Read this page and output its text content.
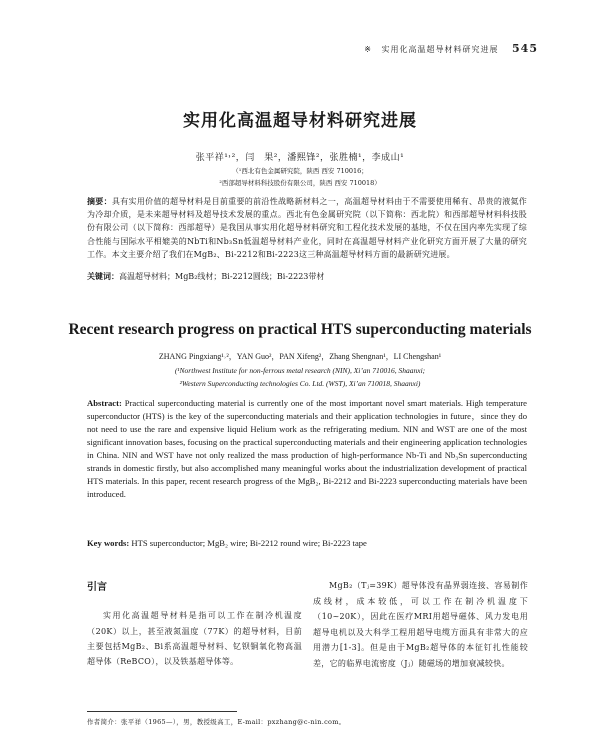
※ 实用化高温超导材料研究进展 545
实用化高温超导材料研究进展
张平祥¹˒²，闫　果²，潘熙锋²，张胜楠¹，李成山¹
（¹西北有色金属研究院，陕西 西安 710016；
²西部超导材料科技股份有限公司，陕西 西安 710018）
摘要：具有实用价值的超导材料是目前重要的前沿性战略新材料之一，高温超导材料由于不需要使用稀有、昂贵的液氦作为冷却介质，是未来超导材料及超导技术发展的重点。西北有色金属研究院（以下简称：西北院）和西部超导材料科技股份有限公司（以下简称：西部超导）是我国从事实用化超导材料研究和工程化技术发展的基地，不仅在国内率先实现了综合性能与国际水平相媲美的NbTi和Nb₃Sn低温超导材料产业化，同时在高温超导材料产业化研究方面开展了大量的研究工作。本文主要介绍了我们在MgB₂、Bi-2212和Bi-2223这三种高温超导材料方面的最新研究进展。
关键词：高温超导材料；MgB₂线材；Bi-2212圆线；Bi-2223带材
Recent research progress on practical HTS superconducting materials
ZHANG Pingxiang¹˒²，YAN Guo²，PAN Xifeng²，Zhang Shengnan¹，LI Chengshan¹
(¹Northwest Institute for non-ferrous metal research (NIN), Xi’an 710016, Shaanxi;
²Western Superconducting technologies Co. Ltd. (WST), Xi’an 710018, Shaanxi)
Abstract: Practical superconducting material is currently one of the most important novel smart materials. High temperature superconductor (HTS) is the key of the superconducting materials and their application technologies in future，since they do not need to use the rare and expensive liquid Helium work as the refrigerating medium. NIN and WST are one of the most significant innovation bases, focusing on the practical superconducting materials and their engineering application technologies in China. NIN and WST have not only realized the mass production of high-performance Nb-Ti and Nb₃Sn superconducting strands in domestic firstly, but also accomplished many meaningful works about the industrialization development of practical HTS materials. In this paper, recent research progress of the MgB₂, Bi-2212 and Bi-2223 superconducting materials have been introduced.
Key words: HTS superconductor; MgB₂ wire; Bi-2212 round wire; Bi-2223 tape
引言

实用化高温超导材料是指可以工作在制冷机温度（20K）以上，甚至液氮温度（77K）的超导材料，目前主要包括MgB₂、Bi系高温超导材料、钇钡铜氧化物高温超导体（ReBCO），以及铁基超导体等。

MgB₂（Tⱼ=39K）超导体没有晶界弱连接、容易制作成线材，成本较低，可以工作在制冷机温度下（10~20K），因此在医疗MRI用超导磁体、风力发电用超导电机以及大科学工程用超导电缆方面具有非常大的应用潜力[1-3]。但是由于MgB₂超导体的本征钉扎性能较差，它的临界电流密度（Jⱼ）随磁场的增加衰减较快。

作者简介：张平祥（1965—），男，教授级高工，E-mail：pxzhang@c-nin.com。
